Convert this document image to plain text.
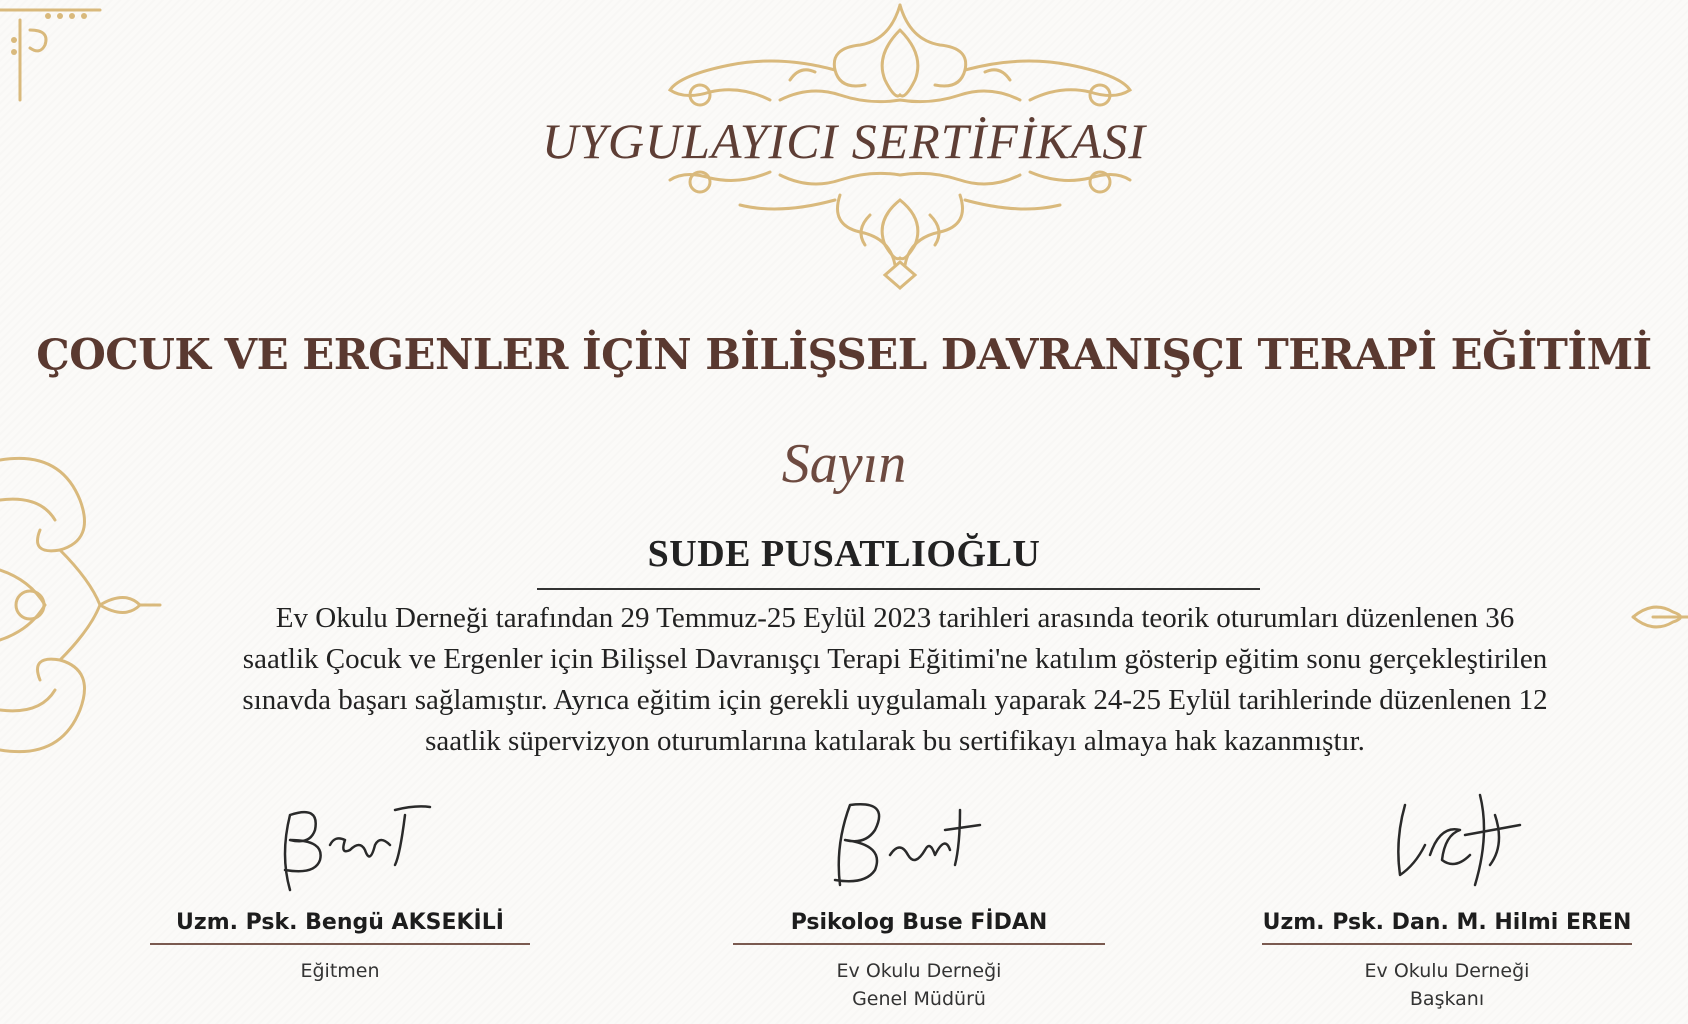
UYGULAYICI SERTİFİKASI
ÇOCUK VE ERGENLER İÇİN BİLİŞSEL DAVRANIŞÇI TERAPİ EĞİTİMİ
Sayın
SUDE PUSATLIOĞLU
Ev Okulu Derneği tarafından 29 Temmuz-25 Eylül 2023 tarihleri arasında teorik oturumları düzenlenen 36
saatlik Çocuk ve Ergenler için Bilişsel Davranışçı Terapi Eğitimi'ne katılım gösterip eğitim sonu gerçekleştirilen
sınavda başarı sağlamıştır. Ayrıca eğitim için gerekli uygulamalı yaparak 24-25 Eylül tarihlerinde düzenlenen 12
saatlik süpervizyon oturumlarına katılarak bu sertifikayı almaya hak kazanmıştır.
Uzm. Psk. Bengü AKSEKİLİ
Eğitmen
Psikolog Buse FİDAN
Ev Okulu Derneği
Genel Müdürü
Uzm. Psk. Dan. M. Hilmi EREN
Ev Okulu Derneği
Başkanı
